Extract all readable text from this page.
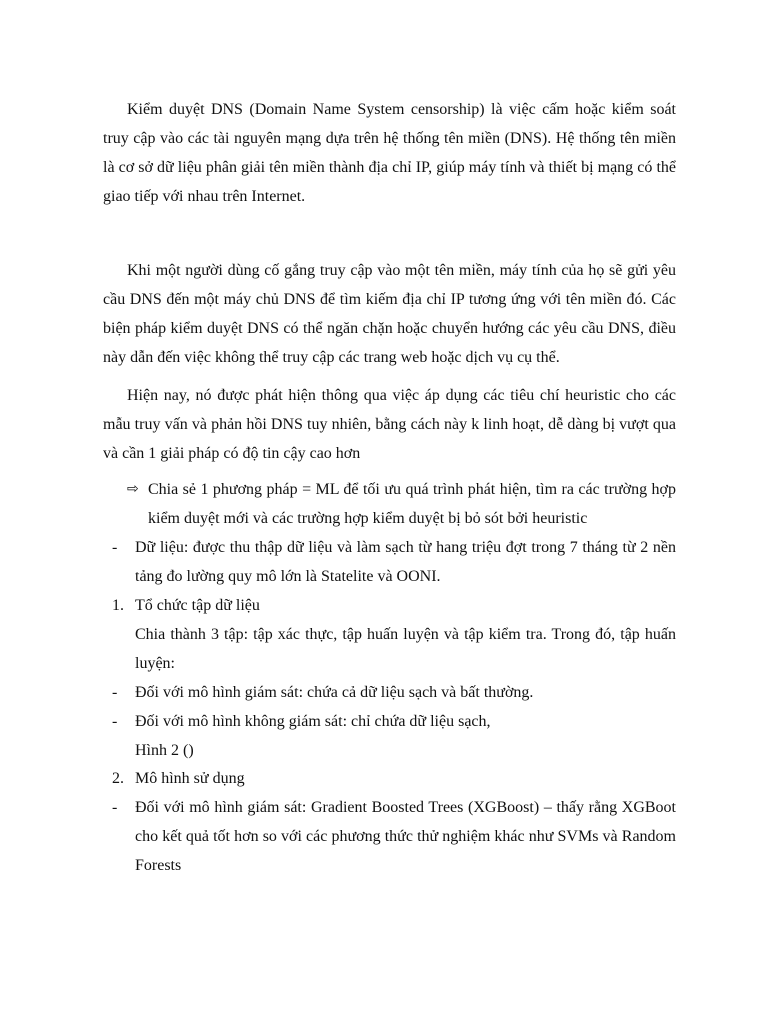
Kiểm duyệt DNS (Domain Name System censorship) là việc cấm hoặc kiểm soát truy cập vào các tài nguyên mạng dựa trên hệ thống tên miền (DNS). Hệ thống tên miền là cơ sở dữ liệu phân giải tên miền thành địa chỉ IP, giúp máy tính và thiết bị mạng có thể giao tiếp với nhau trên Internet.

Khi một người dùng cố gắng truy cập vào một tên miền, máy tính của họ sẽ gửi yêu cầu DNS đến một máy chủ DNS để tìm kiếm địa chỉ IP tương ứng với tên miền đó. Các biện pháp kiểm duyệt DNS có thể ngăn chặn hoặc chuyển hướng các yêu cầu DNS, điều này dẫn đến việc không thể truy cập các trang web hoặc dịch vụ cụ thể.

Hiện nay, nó được phát hiện thông qua việc áp dụng các tiêu chí heuristic cho các mẫu truy vấn và phản hồi DNS tuy nhiên, bằng cách này k linh hoạt, dễ dàng bị vượt qua và cần 1 giải pháp có độ tin cậy cao hơn

⇨ Chia sẻ 1 phương pháp = ML để tối ưu quá trình phát hiện, tìm ra các trường hợp kiểm duyệt mới và các trường hợp kiểm duyệt bị bỏ sót bởi heuristic

- Dữ liệu: được thu thập dữ liệu và làm sạch từ hang triệu đợt trong 7 tháng từ 2 nền tảng đo lường quy mô lớn là Statelite và OONI.

1. Tổ chức tập dữ liệu

Chia thành 3 tập: tập xác thực, tập huấn luyện và tập kiểm tra. Trong đó, tập huấn luyện:

- Đối với mô hình giám sát: chứa cả dữ liệu sạch và bất thường.

- Đối với mô hình không giám sát: chỉ chứa dữ liệu sạch,

Hình 2 ()

2. Mô hình sử dụng

- Đối với mô hình giám sát: Gradient Boosted Trees (XGBoost) – thấy rằng XGBoot cho kết quả tốt hơn so với các phương thức thử nghiệm khác như SVMs và Random Forests
